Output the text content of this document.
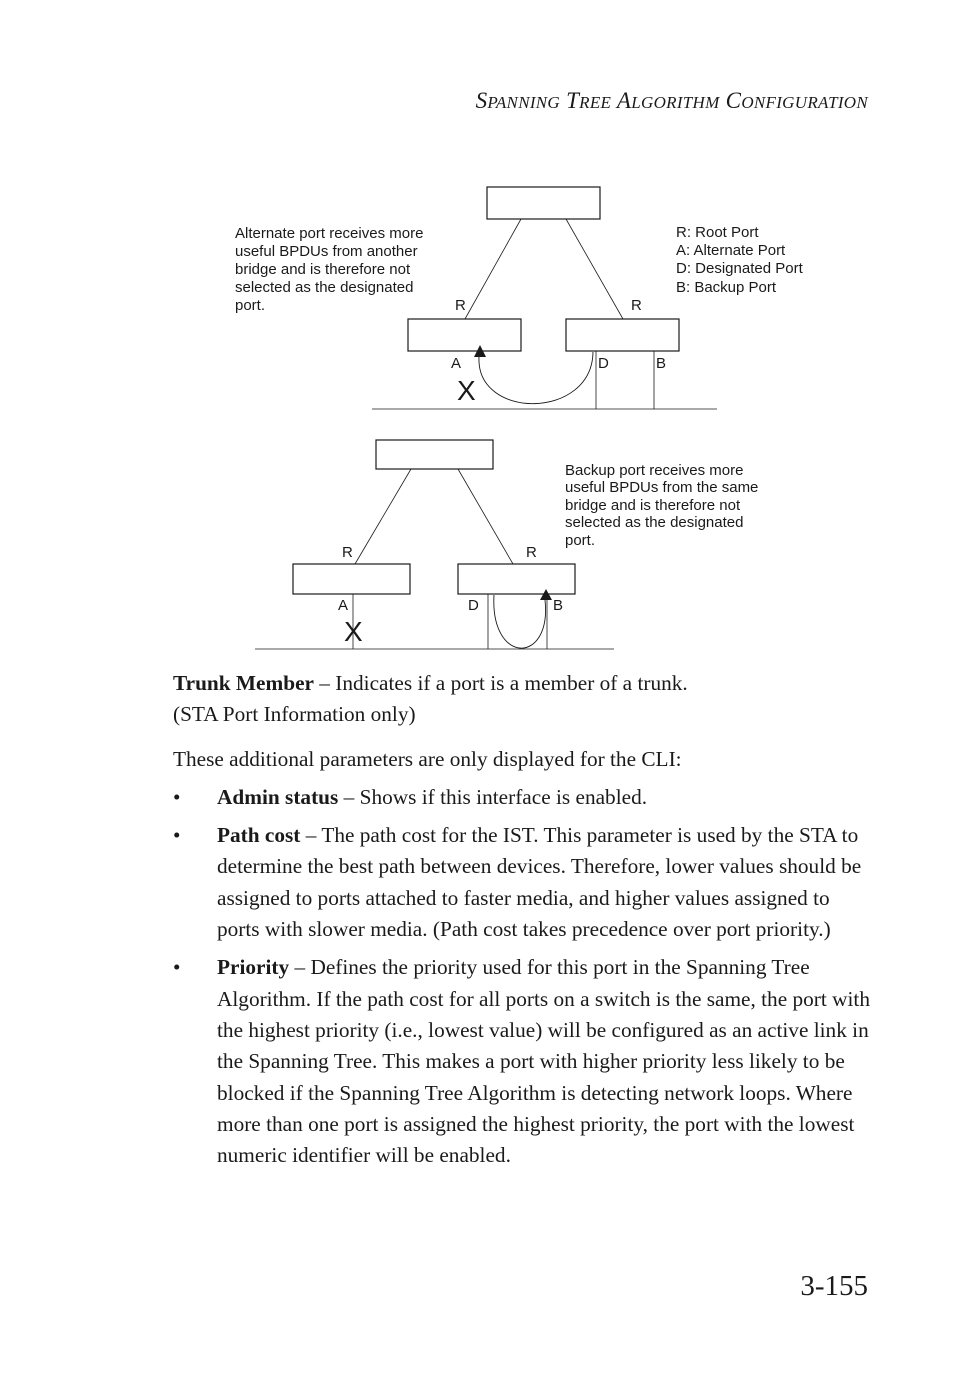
SPANNING TREE ALGORITHM CONFIGURATION
Alternate port receives more
useful BPDUs from another
bridge and is therefore not
selected as the designated
port.
R: Root Port
A: Alternate Port
D: Designated Port
B: Backup Port
R	R
A	D	B
X
Backup port receives more
useful BPDUs from the same
bridge and is therefore not
selected as the designated
port.
R	R
A	D	B
X

Trunk Member – Indicates if a port is a member of a trunk.
(STA Port Information only)

These additional parameters are only displayed for the CLI:

• Admin status – Shows if this interface is enabled.
• Path cost – The path cost for the IST. This parameter is used by the STA to determine the best path between devices. Therefore, lower values should be assigned to ports attached to faster media, and higher values assigned to ports with slower media. (Path cost takes precedence over port priority.)
• Priority – Defines the priority used for this port in the Spanning Tree Algorithm. If the path cost for all ports on a switch is the same, the port with the highest priority (i.e., lowest value) will be configured as an active link in the Spanning Tree. This makes a port with higher priority less likely to be blocked if the Spanning Tree Algorithm is detecting network loops. Where more than one port is assigned the highest priority, the port with the lowest numeric identifier will be enabled.
3-155
